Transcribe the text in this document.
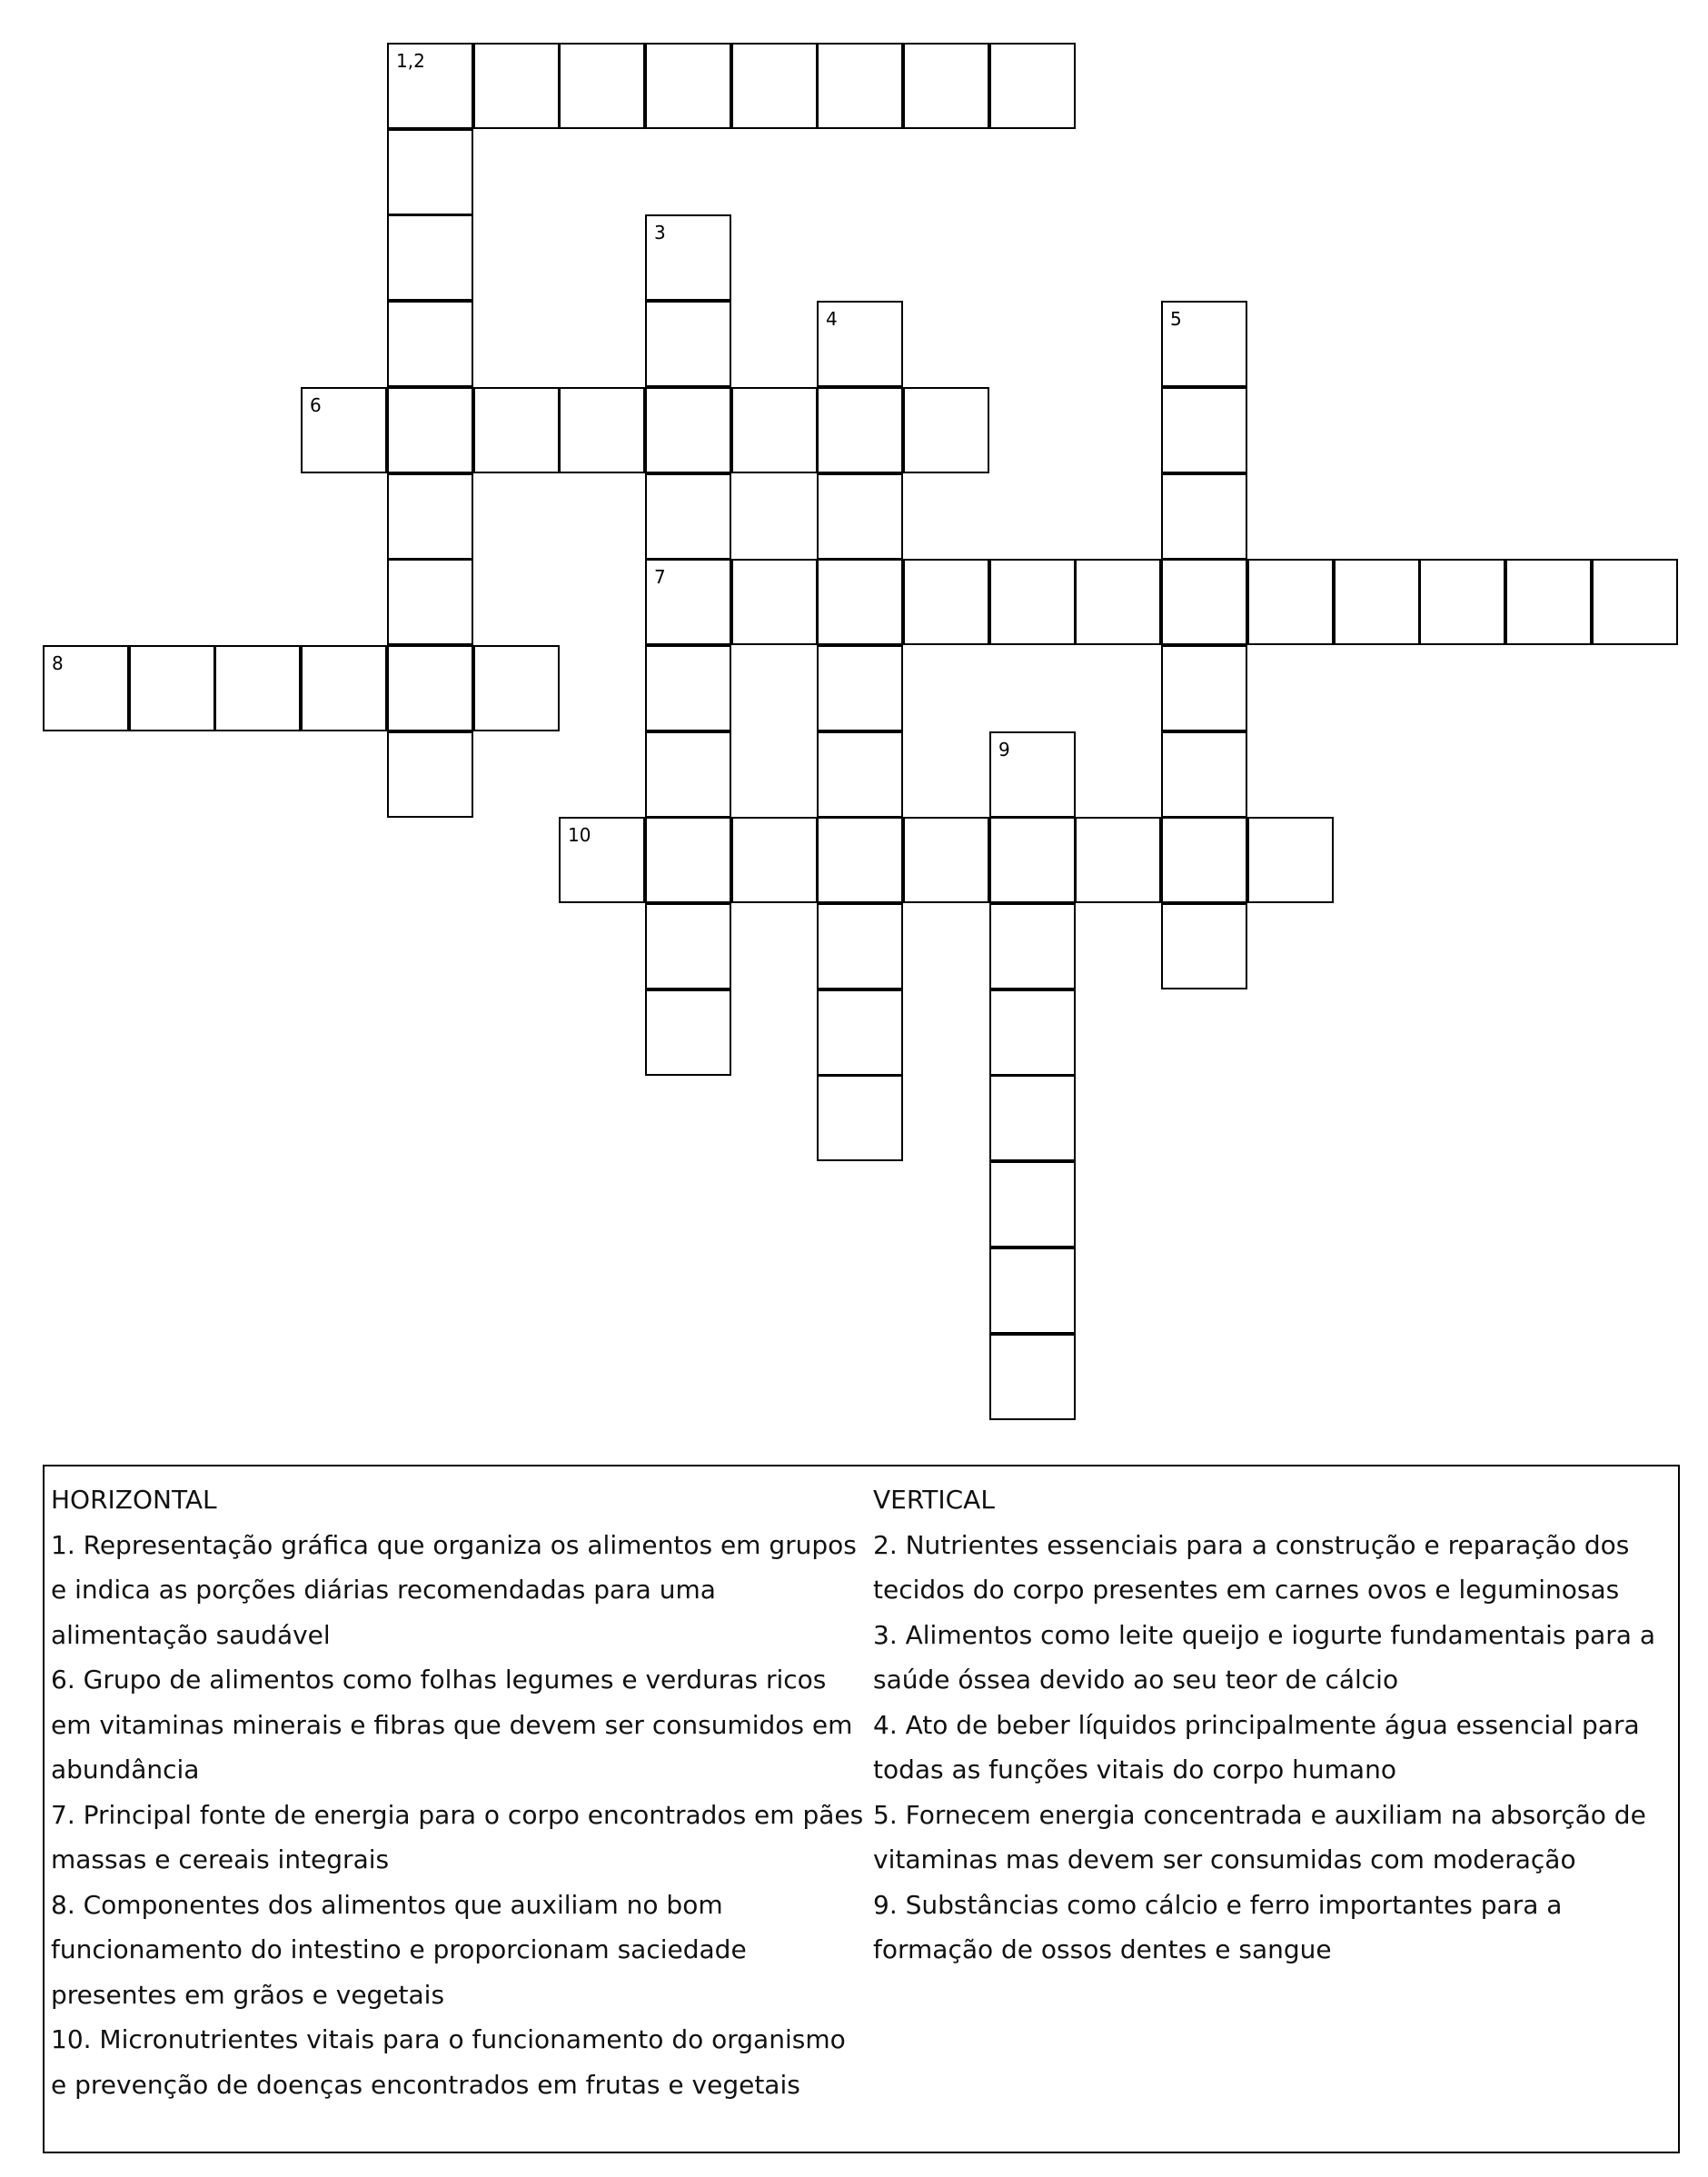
1,2
6
7
8
10
3
4	5
9

HORIZONTAL

1. Representação gráfica que organiza os alimentos em grupos e indica as porções diárias recomendadas para uma alimentação saudável

6. Grupo de alimentos como folhas legumes e verduras ricos em vitaminas minerais e fibras que devem ser consumidos em abundância

7. Principal fonte de energia para o corpo encontrados em pães massas e cereais integrais

8. Componentes dos alimentos que auxiliam no bom funcionamento do intestino e proporcionam saciedade presentes em grãos e vegetais

10. Micronutrientes vitais para o funcionamento do organismo e prevenção de doenças encontrados em frutas e vegetais

VERTICAL

2. Nutrientes essenciais para a construção e reparação dos tecidos do corpo presentes em carnes ovos e leguminosas

3. Alimentos como leite queijo e iogurte fundamentais para a saúde óssea devido ao seu teor de cálcio

4. Ato de beber líquidos principalmente água essencial para todas as funções vitais do corpo humano

5. Fornecem energia concentrada e auxiliam na absorção de vitaminas mas devem ser consumidas com moderação

9. Substâncias como cálcio e ferro importantes para a formação de ossos dentes e sangue
